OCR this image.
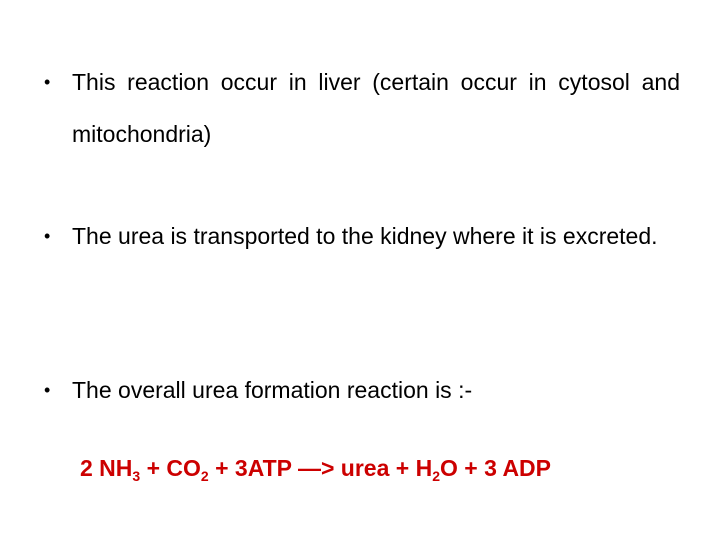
• This reaction occur in liver (certain occur in cytosol and mitochondria)
• The urea is transported to the kidney where it is excreted.
• The overall urea formation reaction is :-
2 $NH_3 + CO_2 + 3ATP$ —> urea + $H_2O + 3$ ADP
